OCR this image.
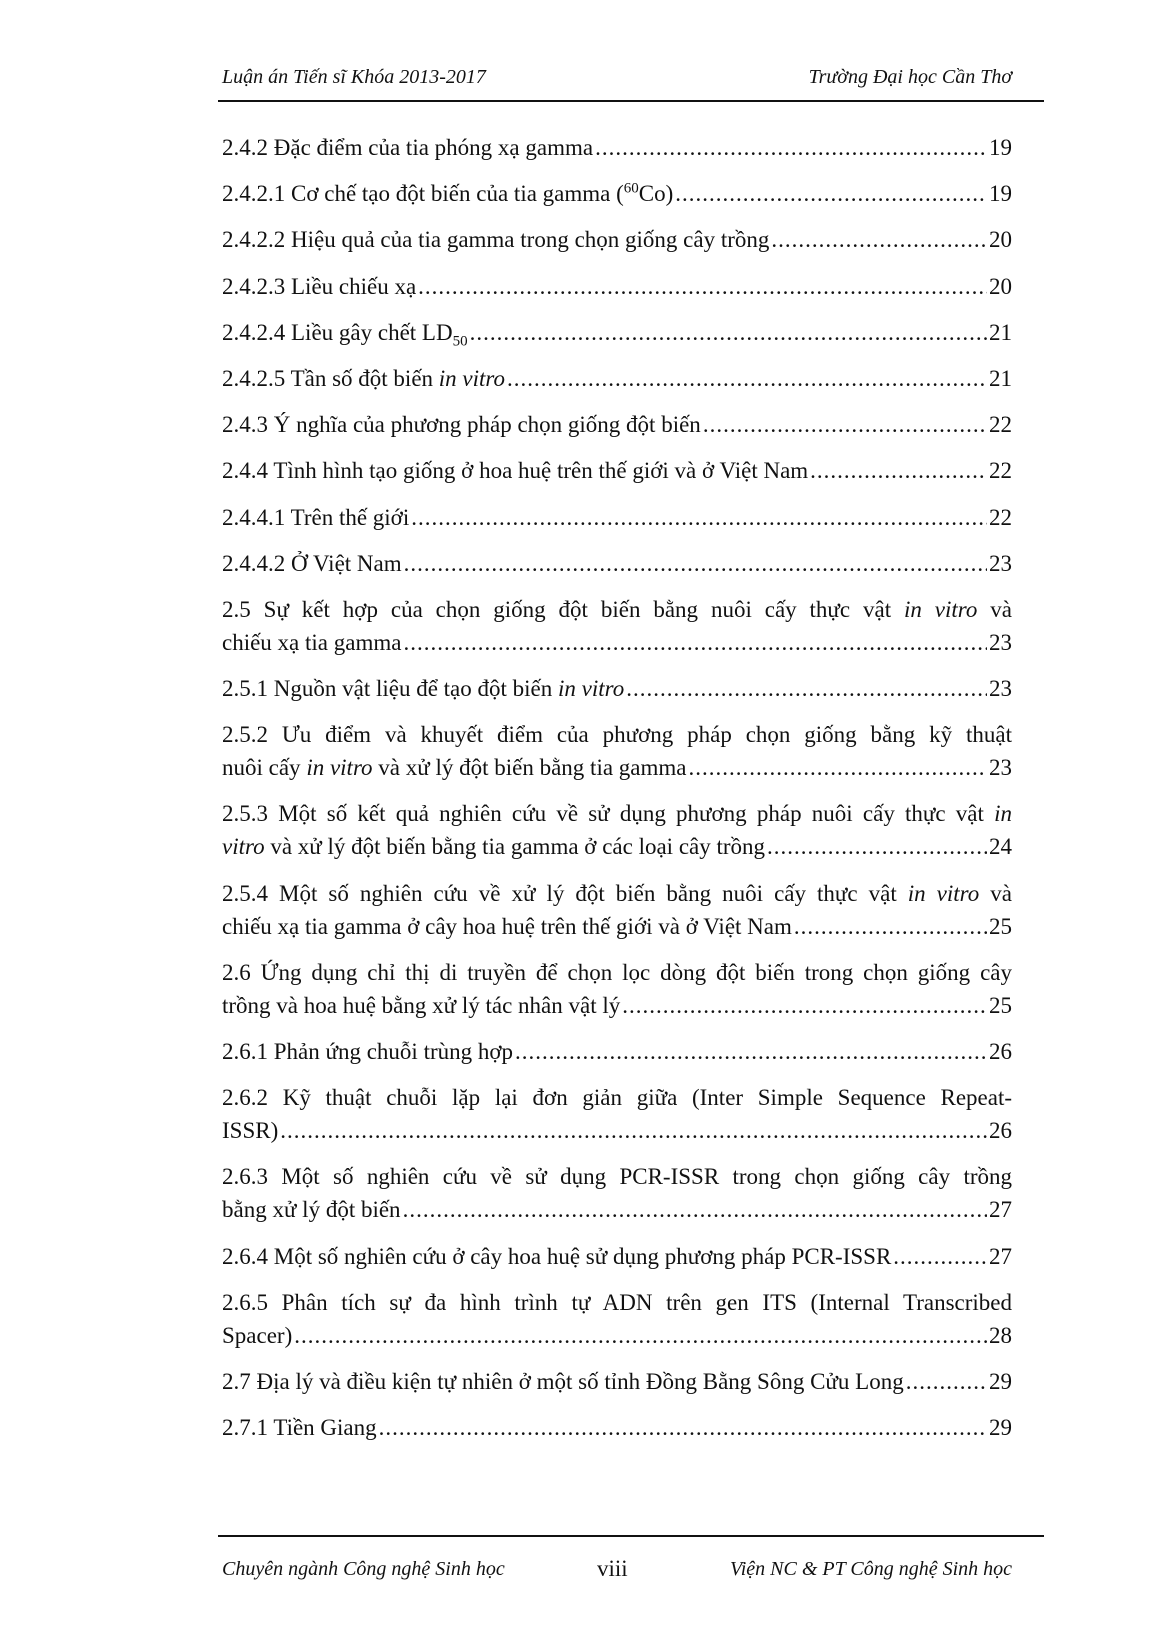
Luận án Tiến sĩ Khóa 2013-2017	Trường Đại học Cần Thơ
2.4.2 Đặc điểm của tia phóng xạ gamma .....	19
2.4.2.1 Cơ chế tạo đột biến của tia gamma ($^{60}$Co) .....	19
2.4.2.2 Hiệu quả của tia gamma trong chọn giống cây trồng .....	20
2.4.2.3 Liều chiếu xạ .....	20
2.4.2.4 Liều gây chết $LD_{50}$ .....	21
2.4.2.5 Tần số đột biến in vitro .....	21
2.4.3 Ý nghĩa của phương pháp chọn giống đột biến .....	22
2.4.4 Tình hình tạo giống ở hoa huệ trên thế giới và ở Việt Nam .....	22
2.4.4.1 Trên thế giới .....	22
2.4.4.2 Ở Việt Nam .....	23
2.5 Sự kết hợp của chọn giống đột biến bằng nuôi cấy thực vật in vitro và
chiếu xạ tia gamma .....	23
2.5.1 Nguồn vật liệu để tạo đột biến in vitro .....	23
2.5.2 Ưu điểm và khuyết điểm của phương pháp chọn giống bằng kỹ thuật
nuôi cấy in vitro và xử lý đột biến bằng tia gamma .....	23
2.5.3 Một số kết quả nghiên cứu về sử dụng phương pháp nuôi cấy thực vật in
vitro và xử lý đột biến bằng tia gamma ở các loại cây trồng .....	24
2.5.4 Một số nghiên cứu về xử lý đột biến bằng nuôi cấy thực vật in vitro và
chiếu xạ tia gamma ở cây hoa huệ trên thế giới và ở Việt Nam .....	25
2.6 Ứng dụng chỉ thị di truyền để chọn lọc dòng đột biến trong chọn giống cây
trồng và hoa huệ bằng xử lý tác nhân vật lý .....	25
2.6.1 Phản ứng chuỗi trùng hợp .....	26
2.6.2 Kỹ thuật chuỗi lặp lại đơn giản giữa (Inter Simple Sequence Repeat-
ISSR) .....	26
2.6.3 Một số nghiên cứu về sử dụng PCR-ISSR trong chọn giống cây trồng
bằng xử lý đột biến .....	27
2.6.4 Một số nghiên cứu ở cây hoa huệ sử dụng phương pháp PCR-ISSR .....	27
2.6.5 Phân tích sự đa hình trình tự ADN trên gen ITS (Internal Transcribed
Spacer) .....	28
2.7 Địa lý và điều kiện tự nhiên ở một số tỉnh Đồng Bằng Sông Cửu Long .....	29
2.7.1 Tiền Giang .....	29
Chuyên ngành Công nghệ Sinh học	viii	Viện NC & PT Công nghệ Sinh học
